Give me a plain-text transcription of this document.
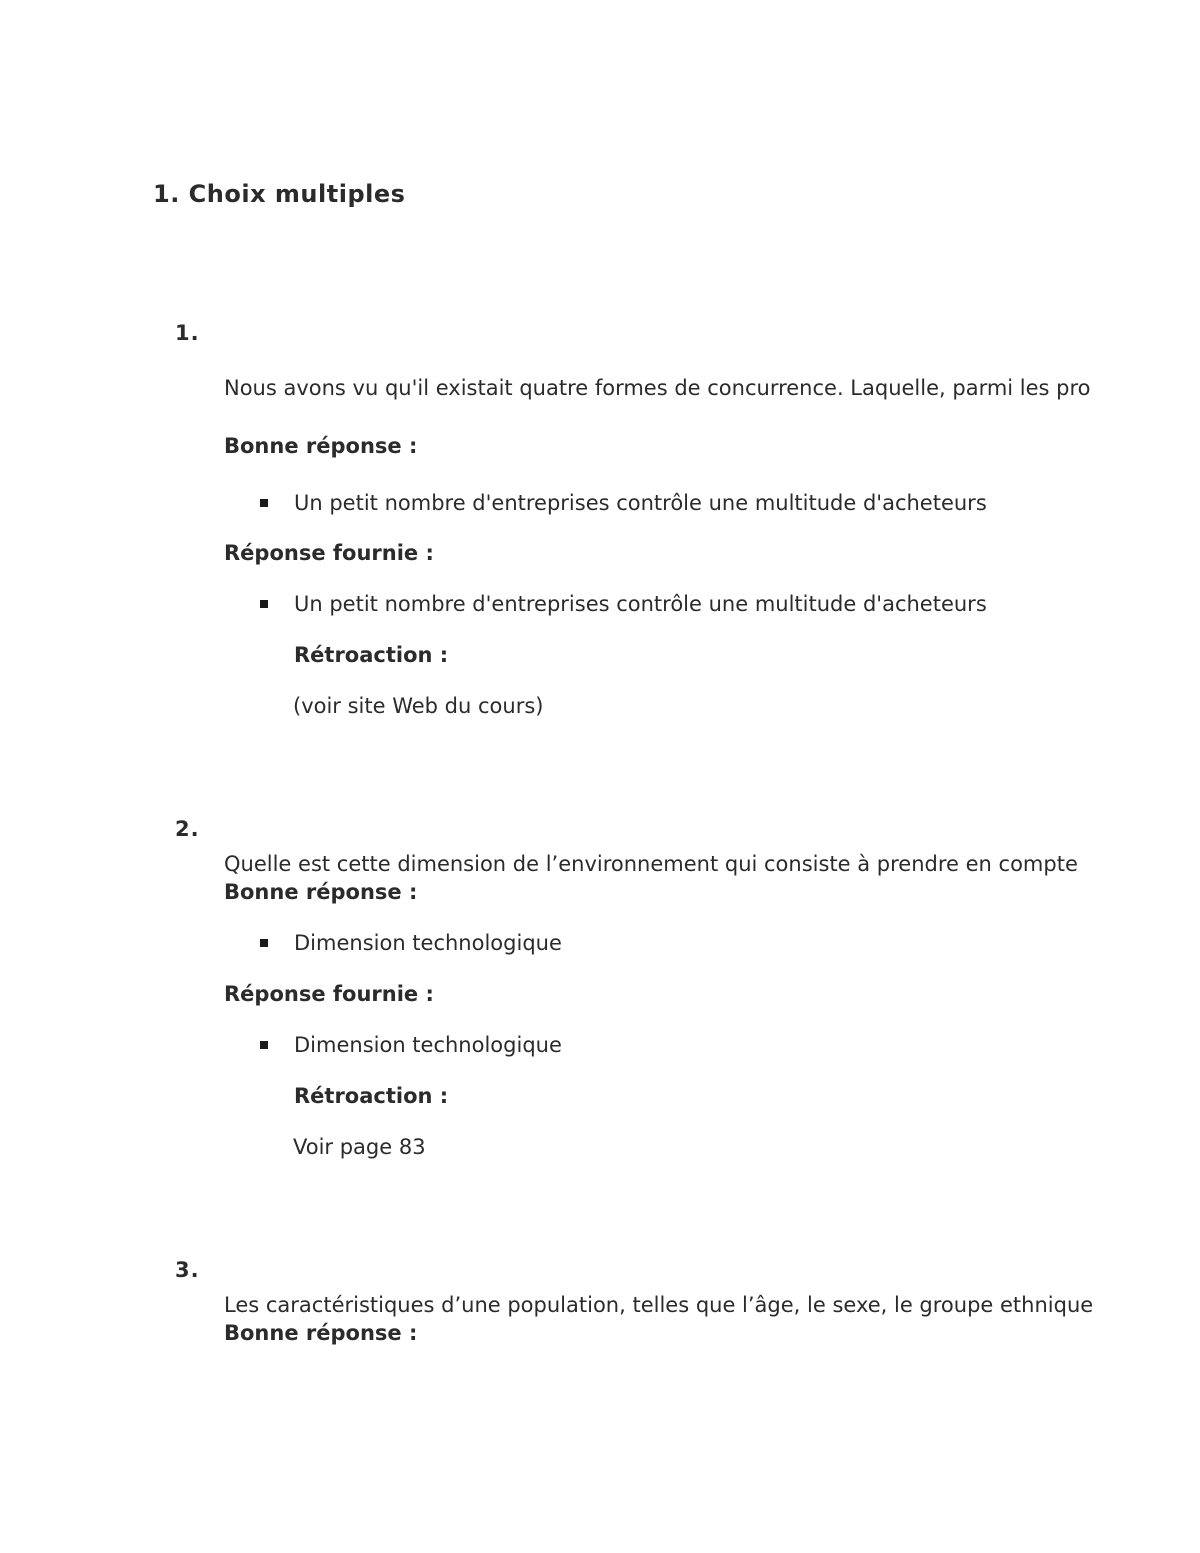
1. Choix multiples
1.
Nous avons vu qu'il existait quatre formes de concurrence. Laquelle, parmi les pro
Bonne réponse :
Un petit nombre d'entreprises contrôle une multitude d'acheteurs
Réponse fournie :
Un petit nombre d'entreprises contrôle une multitude d'acheteurs
Rétroaction :
(voir site Web du cours)
2.
Quelle est cette dimension de l’environnement qui consiste à prendre en compte
Bonne réponse :
Dimension technologique
Réponse fournie :
Dimension technologique
Rétroaction :
Voir page 83
3.
Les caractéristiques d’une population, telles que l’âge, le sexe, le groupe ethnique
Bonne réponse :
